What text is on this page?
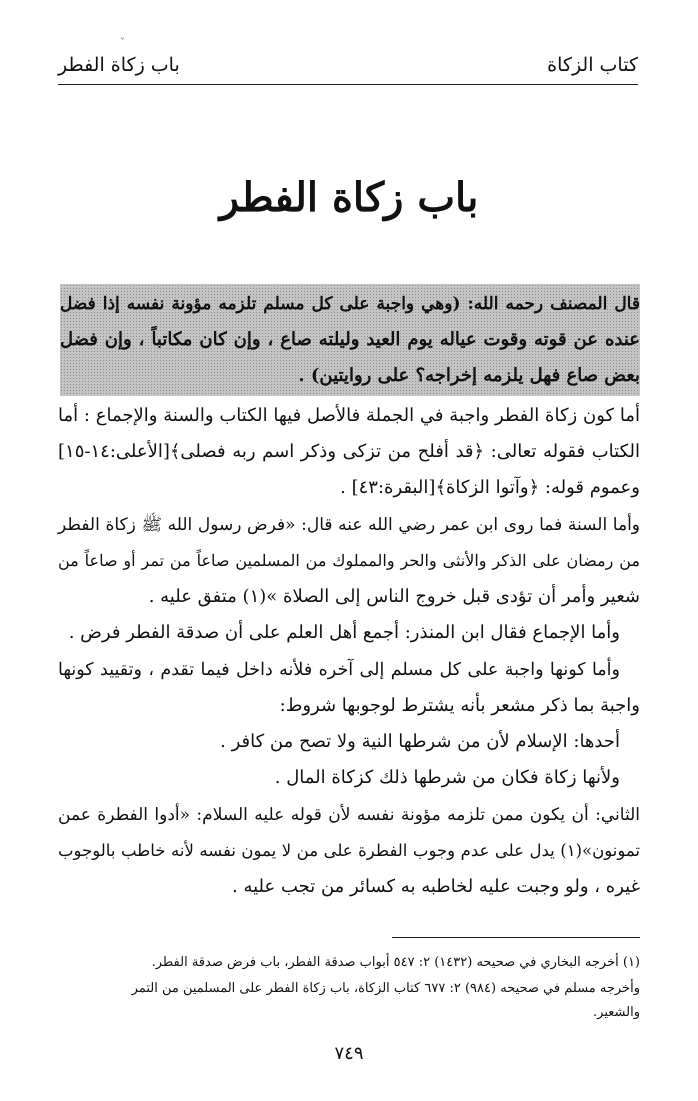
ˇ
كتاب الزكاة
باب زكاة الفطر
باب زكاة الفطر
قال المصنف رحمه الله: (وهي واجبة على كل مسلم تلزمه مؤونة نفسه إذا فضل
عنده عن قوته وقوت عياله يوم العيد وليلته صاع ، وإن كان مكاتباً ، وإن فضل
بعض صاع فهل يلزمه إخراجه؟ على روايتين) .
أما كون زكاة الفطر واجبة في الجملة فالأصل فيها الكتاب والسنة والإجماع : أما
الكتاب فقوله تعالى: ﴿قد أفلح من تزكى وذكر اسم ربه فصلى﴾[الأعلى:١٤-١٥]
وعموم قوله: ﴿وآتوا الزكاة﴾[البقرة:٤٣] .
وأما السنة فما روى ابن عمر رضي الله عنه قال: «فرض رسول الله ﷺ زكاة الفطر
من رمضان على الذكر والأنثى والحر والمملوك من المسلمين صاعاً من تمر أو صاعاً من
شعير وأمر أن تؤدى قبل خروج الناس إلى الصلاة »(١) متفق عليه .
وأما الإجماع فقال ابن المنذر: أجمع أهل العلم على أن صدقة الفطر فرض .
وأما كونها واجبة على كل مسلم إلى آخره فلأنه داخل فيما تقدم ، وتقييد كونها
واجبة بما ذكر مشعر بأنه يشترط لوجوبها شروط:
أحدها: الإسلام لأن من شرطها النية ولا تصح من كافر .
ولأنها زكاة فكان من شرطها ذلك كزكاة المال .
الثاني: أن يكون ممن تلزمه مؤونة نفسه لأن قوله عليه السلام: «أدوا الفطرة عمن
تمونون»(١) يدل على عدم وجوب الفطرة على من لا يمون نفسه لأنه خاطب بالوجوب
غيره ، ولو وجبت عليه لخاطبه به كسائر من تجب عليه .
(١) أخرجه البخاري في صحيحه (١٤٣٢) ٢: ٥٤٧ أبواب صدقة الفطر، باب فرض صدقة الفطر.
وأخرجه مسلم في صحيحه (٩٨٤) ٢: ٦٧٧ كتاب الزكاة، باب زكاة الفطر على المسلمين من التمر
والشعير.
٧٤٩
